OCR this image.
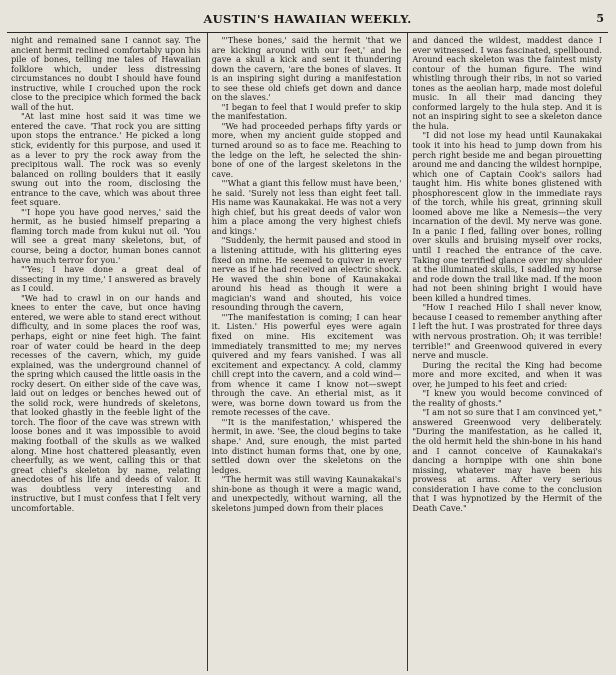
AUSTIN'S HAWAIIAN WEEKLY.	5

night and remained sane I cannot say. The ancient hermit reclined comfortably upon his pile of bones, telling me tales of Hawaiian folklore which, under less distressing circumstances no doubt I should have found instructive, while I crouched upon the rock close to the precipice which formed the back wall of the hut.

"At last mine host said it was time we entered the cave. 'That rock you are sitting upon stops the entrance.' He picked a long stick, evidently for this purpose, and used it as a lever to pry the rock away from the precipitous wall. The rock was so evenly balanced on rolling boulders that it easily swung out into the room, disclosing the entrance to the cave, which was about three feet square.

"'I hope you have good nerves,' said the hermit, as he busied himself preparing a flaming torch made from kukui nut oil. 'You will see a great many skeletons, but, of course, being a doctor, human bones cannot have much terror for you.'

"'Yes; I have done a great deal of dissecting in my time,' I answered as bravely as I could.

"We had to crawl in on our hands and knees to enter the cave, but once having entered, we were able to stand erect without difficulty, and in some places the roof was, perhaps, eight or nine feet high. The faint roar of water could be heard in the deep recesses of the cavern, which, my guide explained, was the underground channel of the spring which caused the little oasis in the rocky desert. On either side of the cave was, laid out on ledges or benches hewed out of the solid rock, were hundreds of skeletons, that looked ghastly in the feeble light of the torch. The floor of the cave was strewn with loose bones and it was impossible to avoid making football of the skulls as we walked along. Mine host chattered pleasantly, even cheerfully, as we went, calling this or that great chief's skeleton by name, relating anecdotes of his life and deeds of valor. It was doubtless very interesting and instructive, but I must confess that I felt very uncomfortable.

"'These bones,' said the hermit 'that we are kicking around with our feet,' and he gave a skull a kick and sent it thundering down the cavern, 'are the bones of slaves. It is an inspiring sight during a manifestation to see these old chiefs get down and dance on the slaves.'

"I began to feel that I would prefer to skip the manifestation.

"We had proceeded perhaps fifty yards or more, when my ancient guide stopped and turned around so as to face me. Reaching to the ledge on the left, he selected the shin-bone of one of the largest skeletons in the cave.

"'What a giant this fellow must have been,' he said. 'Surely not less than eight feet tall. His name was Kaunakakai. He was not a very high chief, but his great deeds of valor won him a place among the very highest chiefs and kings.'

"Suddenly, the hermit paused and stood in a listening attitude, with his glittering eyes fixed on mine. He seemed to quiver in every nerve as if he had received an electric shock. He waved the shin bone of Kaunakakai around his head as though it were a magician's wand and shouted, his voice resounding through the cavern,

"'The manifestation is coming; I can hear it. Listen.' His powerful eyes were again fixed on mine. His excitement was immediately transmitted to me; my nerves quivered and my fears vanished. I was all excitement and expectancy. A cold, clammy chill crept into the cavern, and a cold wind—from whence it came I know not—swept through the cave. An etherial mist, as it were, was borne down toward us from the remote recesses of the cave.

"'It is the manifestation,' whispered the hermit, in awe. 'See, the cloud begins to take shape.' And, sure enough, the mist parted into distinct human forms that, one by one, settled down over the skeletons on the ledges.

"The hermit was still waving Kaunakakai's shin-bone as though it were a magic wand, and unexpectedly, without warning, all the skeletons jumped down from their places

and danced the wildest, maddest dance I ever witnessed. I was fascinated, spellbound. Around each skeleton was the faintest misty contour of the human figure. The wind whistling through their ribs, in not so varied tones as the aeolian harp, made most doleful music. In all their mad dancing they conformed largely to the hula step. And it is not an inspiring sight to see a skeleton dance the hula.

"I did not lose my head until Kaunakakai took it into his head to jump down from his perch right beside me and began pirouetting around me and dancing the wildest hornpipe, which one of Captain Cook's sailors had taught him. His white bones glistened with phosphorescent glow in the immediate rays of the torch, while his great, grinning skull loomed above me like a Nemesis—the very incarnation of the devil. My nerve was gone. In a panic I fled, falling over bones, rolling over skulls and bruising myself over rocks, until I reached the entrance of the cave. Taking one terrified glance over my shoulder at the illuminated skulls, I saddled my horse and rode down the trail like mad. If the moon had not been shining bright I would have been killed a hundred times.

"How I reached Hilo I shall never know, because I ceased to remember anything after I left the hut. I was prostrated for three days with nervous prostration. Oh; it was terrible! terrible!" and Greenwood quivered in every nerve and muscle.

During the recital the King had become more and more excited, and when it was over, he jumped to his feet and cried:

"I knew you would become convinced of the reality of ghosts."

"I am not so sure that I am convinced yet," answered Greenwood very deliberately. "During the manifestation, as he called it, the old hermit held the shin-bone in his hand and I cannot conceive of Kaunakakai's dancing a hornpipe with one shin bone missing, whatever may have been his prowess at arms. After very serious consideration I have come to the conclusion that I was hypnotized by the Hermit of the Death Cave."
